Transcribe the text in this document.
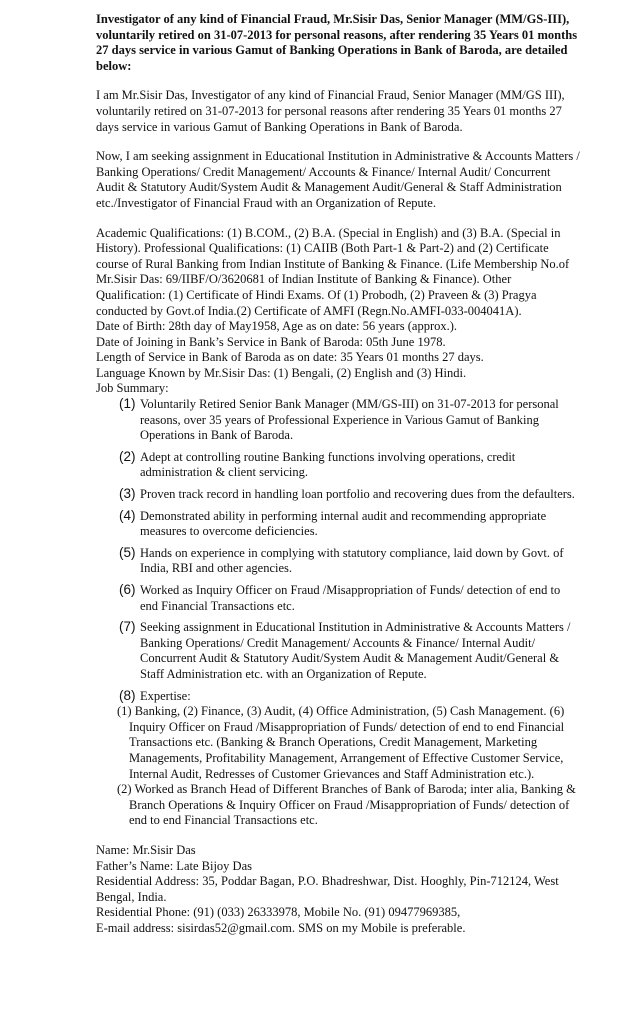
Investigator of any kind of Financial Fraud, Mr.Sisir Das, Senior Manager (MM/GS-III), voluntarily retired on 31-07-2013 for personal reasons, after rendering 35 Years 01 months 27 days service in various Gamut of Banking Operations in Bank of Baroda, are detailed below:

I am Mr.Sisir Das, Investigator of any kind of Financial Fraud, Senior Manager (MM/GS III), voluntarily retired on 31-07-2013 for personal reasons after rendering 35 Years 01 months 27 days service in various Gamut of Banking Operations in Bank of Baroda.

Now, I am seeking assignment in Educational Institution in Administrative & Accounts Matters / Banking Operations/ Credit Management/ Accounts & Finance/ Internal Audit/ Concurrent Audit & Statutory Audit/System Audit & Management Audit/General & Staff Administration etc./Investigator of Financial Fraud with an Organization of Repute.

Academic Qualifications: (1) B.COM., (2) B.A. (Special in English) and (3) B.A. (Special in History). Professional Qualifications: (1) CAIIB (Both Part-1 & Part-2) and (2) Certificate course of Rural Banking from Indian Institute of Banking & Finance. (Life Membership No.of Mr.Sisir Das: 69/IIBF/O/3620681 of Indian Institute of Banking & Finance). Other Qualification: (1) Certificate of Hindi Exams. Of (1) Probodh, (2) Praveen & (3) Pragya conducted by Govt.of India.(2) Certificate of AMFI (Regn.No.AMFI-033-004041A).

Date of Birth: 28th day of May1958, Age as on date: 56 years (approx.).

Date of Joining in Bank’s Service in Bank of Baroda: 05th June 1978.

Length of Service in Bank of Baroda as on date: 35 Years 01 months 27 days.

Language Known by Mr.Sisir Das: (1) Bengali, (2) English and (3) Hindi.

Job Summary:

(1) Voluntarily Retired Senior Bank Manager (MM/GS-III) on 31-07-2013 for personal reasons, over 35 years of Professional Experience in Various Gamut of Banking Operations in Bank of Baroda.
(2) Adept at controlling routine Banking functions involving operations, credit administration & client servicing.
(3) Proven track record in handling loan portfolio and recovering dues from the defaulters.
(4) Demonstrated ability in performing internal audit and recommending appropriate measures to overcome deficiencies.
(5) Hands on experience in complying with statutory compliance, laid down by Govt. of India, RBI and other agencies.
(6) Worked as Inquiry Officer on Fraud /Misappropriation of Funds/ detection of end to end Financial Transactions etc.
(7) Seeking assignment in Educational Institution in Administrative & Accounts Matters / Banking Operations/ Credit Management/ Accounts & Finance/ Internal Audit/ Concurrent Audit & Statutory Audit/System Audit & Management Audit/General & Staff Administration etc. with an Organization of Repute.
(8) Expertise:

(1) Banking, (2) Finance, (3) Audit, (4) Office Administration, (5) Cash Management. (6) Inquiry Officer on Fraud /Misappropriation of Funds/ detection of end to end Financial Transactions etc. (Banking & Branch Operations, Credit Management, Marketing Managements, Profitability Management, Arrangement of Effective Customer Service, Internal Audit, Redresses of Customer Grievances and Staff Administration etc.).

(2) Worked as Branch Head of Different Branches of Bank of Baroda; inter alia, Banking & Branch Operations & Inquiry Officer on Fraud /Misappropriation of Funds/ detection of end to end Financial Transactions etc.

Name: Mr.Sisir Das

Father’s Name: Late Bijoy Das

Residential Address: 35, Poddar Bagan, P.O. Bhadreshwar, Dist. Hooghly, Pin-712124, West Bengal, India.

Residential Phone: (91) (033) 26333978, Mobile No. (91) 09477969385,

E-mail address: sisirdas52@gmail.com. SMS on my Mobile is preferable.
